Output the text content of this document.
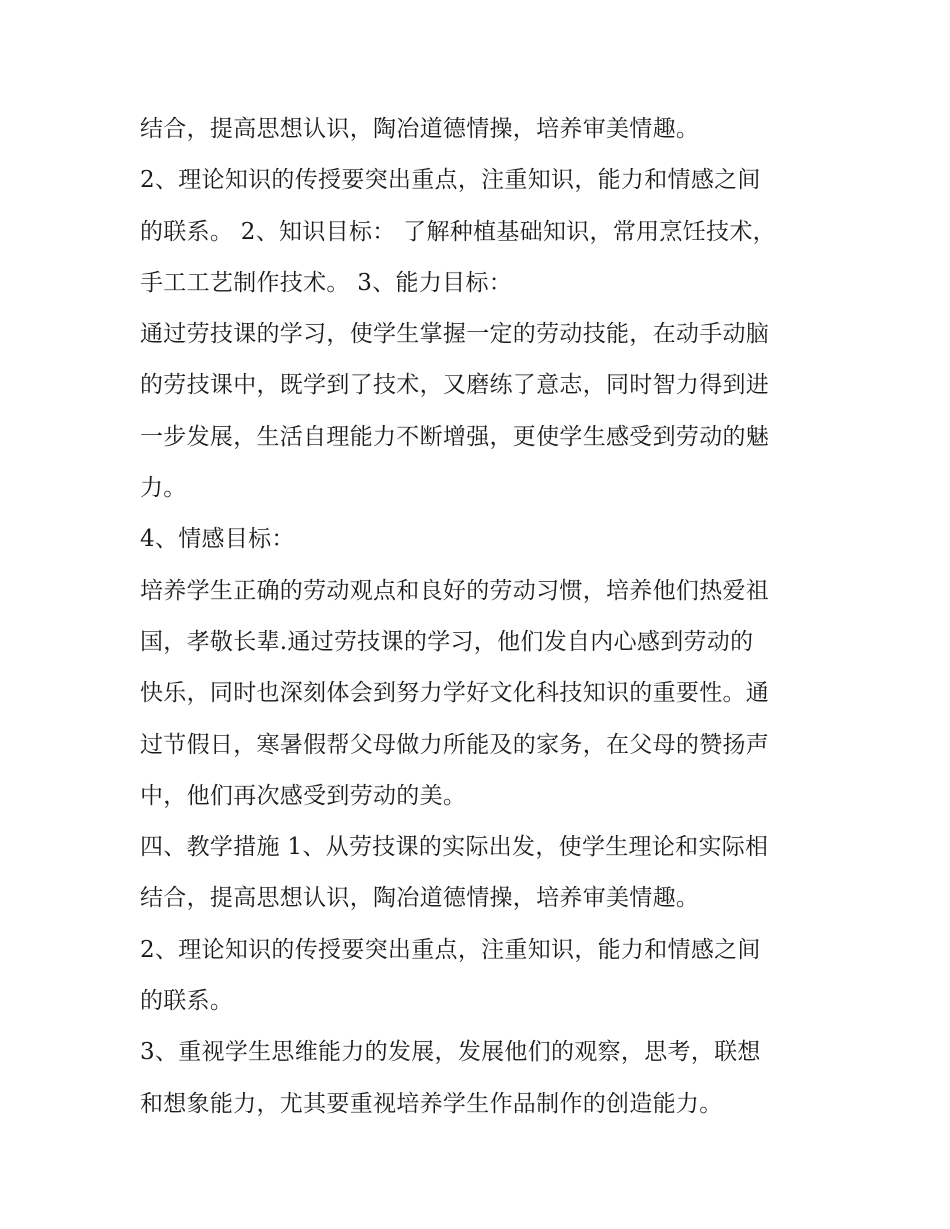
结合，提高思想认识，陶冶道德情操，培养审美情趣。
2、理论知识的传授要突出重点，注重知识，能力和情感之间
的联系。 2、知识目标： 了解种植基础知识，常用烹饪技术，
手工工艺制作技术。 3、能力目标：
通过劳技课的学习，使学生掌握一定的劳动技能，在动手动脑
的劳技课中，既学到了技术，又磨练了意志，同时智力得到进
一步发展，生活自理能力不断增强，更使学生感受到劳动的魅
力。
4、情感目标：
培养学生正确的劳动观点和良好的劳动习惯，培养他们热爱祖
国，孝敬长辈.通过劳技课的学习，他们发自内心感到劳动的
快乐，同时也深刻体会到努力学好文化科技知识的重要性。通
过节假日，寒暑假帮父母做力所能及的家务，在父母的赞扬声
中，他们再次感受到劳动的美。
四、教学措施 1、从劳技课的实际出发，使学生理论和实际相
结合，提高思想认识，陶冶道德情操，培养审美情趣。
2、理论知识的传授要突出重点，注重知识，能力和情感之间
的联系。
3、重视学生思维能力的发展，发展他们的观察，思考，联想
和想象能力，尤其要重视培养学生作品制作的创造能力。
